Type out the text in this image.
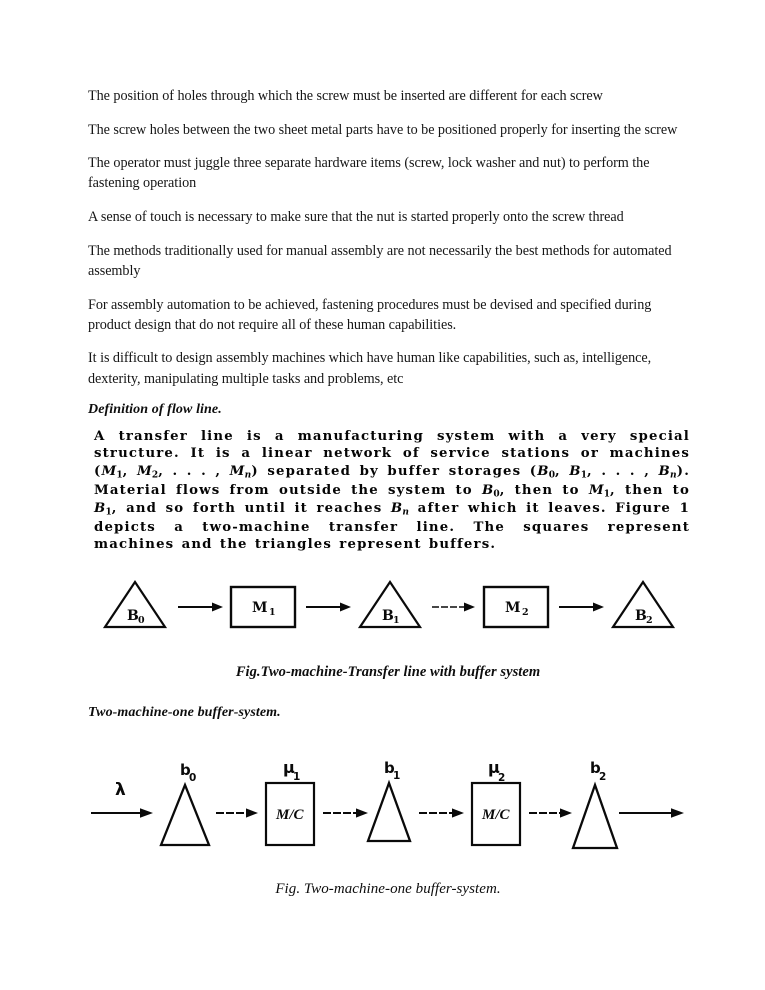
The position of holes through which the screw must be inserted are different for each screw

The screw holes between the two sheet metal parts have to be positioned properly for inserting the screw

The operator must juggle three separate hardware items (screw, lock washer and nut) to perform the fastening operation

A sense of touch is necessary to make sure that the nut is started properly onto the screw thread

The methods traditionally used for manual assembly are not necessarily the best methods for automated assembly

For assembly automation to be achieved, fastening procedures must be devised and specified during product design that do not require all of these human capabilities.

It is difficult to design assembly machines which have human like capabilities, such as, intelligence, dexterity, manipulating multiple tasks and problems, etc

Definition of flow line.
A transfer line is a manufacturing system with a very special structure. It is a linear network of service stations or machines ($M_1$, $M_2$, . . . , $M_n$) separated by buffer storages ($B_0$, $B_1$, . . . , $B_n$). Material flows from outside the system to $B_0$, then to $M_1$, then to $B_1$, and so forth until it reaches $B_n$ after which it leaves. Figure 1 depicts a two-machine transfer line. The squares represent machines and the triangles represent buffers.
B 0
M 1	B 1
M 2	B 2
Fig.Two-machine-Transfer line with buffer system
Two-machine-one buffer-system.
λ
b
0
μ
1
M/C
b
1	μ
2
M/C
b
2
Fig. Two-machine-one buffer-system.
